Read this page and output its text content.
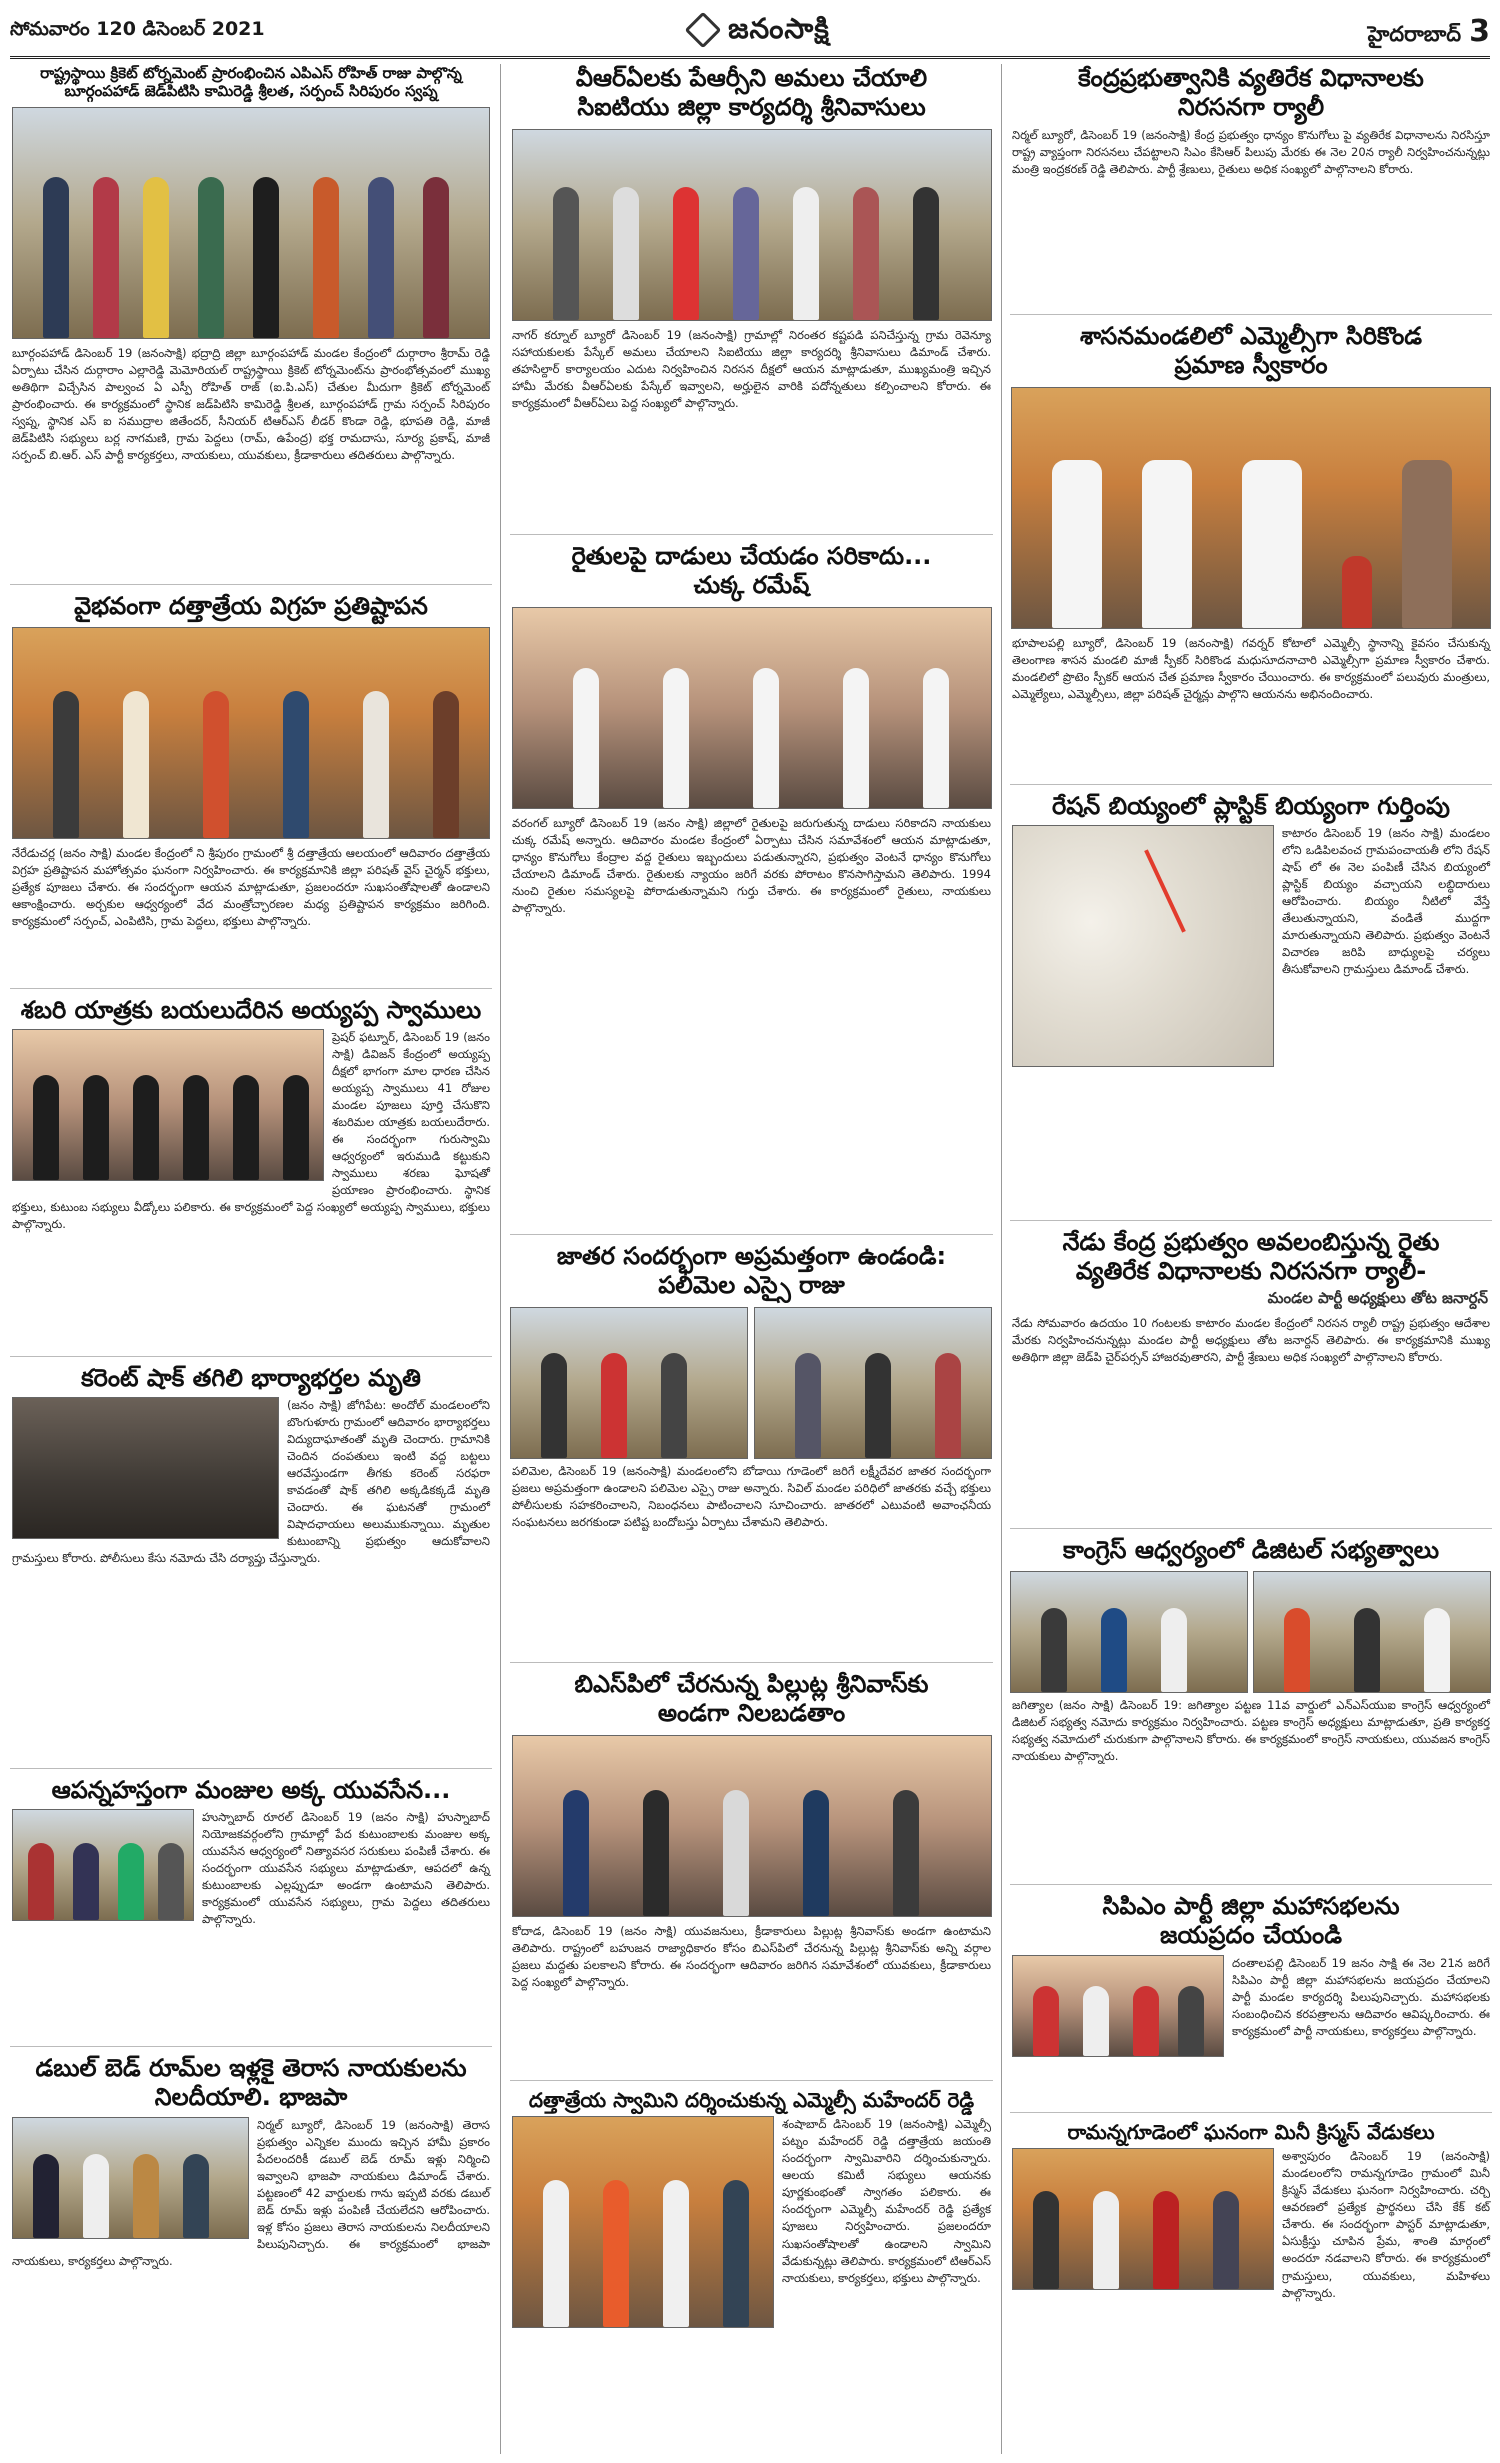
సోమవారం 120 డిసెంబర్ 2021	జనంసాక్షి	హైదరాబాద్ 3

రాష్ట్రస్థాయి క్రికెట్ టోర్నమెంట్ ప్రారంభించిన ఎపిఎస్ రోహిత్ రాజు పాల్గొన్న

బూర్గంపహాడ్ జెడ్‌పిటిసి కామిరెడ్డి శ్రీలత, సర్పంచ్ సిరిపురం స్వప్న

బూర్గంపహాడ్ డిసెంబర్ 19 (జనంసాక్షి) భద్రాద్రి జిల్లా బూర్గంపహాడ్ మండల కేంద్రంలో దుర్గారాం శ్రీరామ్ రెడ్డి ఏర్పాటు చేసిన దుర్గారాం ఎల్లారెడ్డి మెమోరియల్ రాష్ట్రస్థాయి క్రికెట్ టోర్నమెంట్‌ను ప్రారంభోత్సవంలో ముఖ్య అతిథిగా విచ్చేసిన పాల్వంచ ఏ ఎస్పీ రోహిత్ రాజ్ (ఐ.పి.ఎస్) చేతుల మీదుగా క్రికెట్ టోర్నమెంట్ ప్రారంభించారు. ఈ కార్యక్రమంలో స్థానిక జడ్‌పిటిసి కామిరెడ్డి శ్రీలత, బూర్గంపహాడ్ గ్రామ సర్పంచ్ సిరిపురం స్వప్న, స్థానిక ఎస్ ఐ సముద్రాల జితేందర్, సీనియర్ టిఆర్ఎస్ లీడర్ కొండా రెడ్డి, భూపతి రెడ్డి, మాజీ జెడ్‌పిటిసి సభ్యులు బర్ల నాగమణి, గ్రామ పెద్దలు (రామ్, ఉపేంద్ర) భక్త రామదాసు, సూర్య ప్రకాష్, మాజీ సర్పంచ్ బి.ఆర్. ఎస్ పార్టీ కార్యకర్తలు, నాయకులు, యువకులు, క్రీడాకారులు తదితరులు పాల్గొన్నారు.

వైభవంగా దత్తాత్రేయ విగ్రహ ప్రతిష్టాపన

నేరేడుచర్ల (జనం సాక్షి) మండల కేంద్రంలో ని శ్రీపురం గ్రామంలో శ్రీ దత్తాత్రేయ ఆలయంలో ఆదివారం దత్తాత్రేయ విగ్రహ ప్రతిష్టాపన మహోత్సవం ఘనంగా నిర్వహించారు. ఈ కార్యక్రమానికి జిల్లా పరిషత్ వైస్ చైర్మన్ భక్తులు, ప్రత్యేక పూజలు చేశారు. ఈ సందర్భంగా ఆయన మాట్లాడుతూ, ప్రజలందరూ సుఖసంతోషాలతో ఉండాలని ఆకాంక్షించారు. అర్చకుల ఆధ్వర్యంలో వేద మంత్రోచ్ఛారణల మధ్య ప్రతిష్టాపన కార్యక్రమం జరిగింది. కార్యక్రమంలో సర్పంచ్, ఎంపిటిసి, గ్రామ పెద్దలు, భక్తులు పాల్గొన్నారు.

శబరి యాత్రకు బయలుదేరిన అయ్యప్ప స్వాములు

ప్రెషర్ ఫట్నూర్, డిసెంబర్ 19 (జనం సాక్షి) డివిజన్ కేంద్రంలో అయ్యప్ప దీక్షలో భాగంగా మాల ధారణ చేసిన అయ్యప్ప స్వాములు 41 రోజుల మండల పూజలు పూర్తి చేసుకొని శబరిమల యాత్రకు బయలుదేరారు. ఈ సందర్భంగా గురుస్వామి ఆధ్వర్యంలో ఇరుముడి కట్టుకుని స్వాములు శరణు ఘోషతో ప్రయాణం ప్రారంభించారు. స్థానిక భక్తులు, కుటుంబ సభ్యులు వీడ్కోలు పలికారు. ఈ కార్యక్రమంలో పెద్ద సంఖ్యలో అయ్యప్ప స్వాములు, భక్తులు పాల్గొన్నారు.

కరెంట్ షాక్ తగిలి భార్యాభర్తల మృతి

(జనం సాక్షి) జోగిపేట: అందోల్ మండలంలోని బొంగుళూరు గ్రామంలో ఆదివారం భార్యాభర్తలు విద్యుదాఘాతంతో మృతి చెందారు. గ్రామానికి చెందిన దంపతులు ఇంటి వద్ద బట్టలు ఆరవేస్తుండగా తీగకు కరెంట్ సరఫరా కావడంతో షాక్ తగిలి అక్కడికక్కడే మృతి చెందారు. ఈ ఘటనతో గ్రామంలో విషాదఛాయలు అలుముకున్నాయి. మృతుల కుటుంబాన్ని ప్రభుత్వం ఆదుకోవాలని గ్రామస్తులు కోరారు. పోలీసులు కేసు నమోదు చేసి దర్యాప్తు చేస్తున్నారు.

ఆపన్నహస్తంగా మంజుల అక్క యువసేన...

హుస్నాబాద్ రూరల్ డిసెంబర్ 19 (జనం సాక్షి) హుస్నాబాద్ నియోజకవర్గంలోని గ్రామాల్లో పేద కుటుంబాలకు మంజుల అక్క యువసేన ఆధ్వర్యంలో నిత్యావసర సరుకులు పంపిణీ చేశారు. ఈ సందర్భంగా యువసేన సభ్యులు మాట్లాడుతూ, ఆపదలో ఉన్న కుటుంబాలకు ఎల్లప్పుడూ అండగా ఉంటామని తెలిపారు. కార్యక్రమంలో యువసేన సభ్యులు, గ్రామ పెద్దలు తదితరులు పాల్గొన్నారు.

డబుల్ బెడ్ రూమ్‌ల ఇళ్లకై తెరాస నాయకులను నిలదీయాలి. భాజపా

నిర్మల్ బ్యూరో, డిసెంబర్ 19 (జనంసాక్షి) తెరాస ప్రభుత్వం ఎన్నికల ముందు ఇచ్చిన హామీ ప్రకారం పేదలందరికీ డబుల్ బెడ్ రూమ్ ఇళ్లు నిర్మించి ఇవ్వాలని భాజపా నాయకులు డిమాండ్ చేశారు. పట్టణంలో 42 వార్డులకు గాను ఇప్పటి వరకు డబుల్ బెడ్ రూమ్ ఇళ్లు పంపిణీ చేయలేదని ఆరోపించారు. ఇళ్ల కోసం ప్రజలు తెరాస నాయకులను నిలదీయాలని పిలుపునిచ్చారు. ఈ కార్యక్రమంలో భాజపా నాయకులు, కార్యకర్తలు పాల్గొన్నారు.

వీఆర్ఏలకు పేఆర్సీని అమలు చేయాలి

సిఐటియు జిల్లా కార్యదర్శి శ్రీనివాసులు

నాగర్ కర్నూల్ బ్యూరో డిసెంబర్ 19 (జనంసాక్షి) గ్రామాల్లో నిరంతర కష్టపడి పనిచేస్తున్న గ్రామ రెవెన్యూ సహాయకులకు పేస్కేల్ అమలు చేయాలని సిఐటియు జిల్లా కార్యదర్శి శ్రీనివాసులు డిమాండ్ చేశారు. తహసిల్దార్ కార్యాలయం ఎదుట నిర్వహించిన నిరసన దీక్షలో ఆయన మాట్లాడుతూ, ముఖ్యమంత్రి ఇచ్చిన హామీ మేరకు వీఆర్ఏలకు పేస్కేల్ ఇవ్వాలని, అర్హులైన వారికి పదోన్నతులు కల్పించాలని కోరారు. ఈ కార్యక్రమంలో వీఆర్ఏలు పెద్ద సంఖ్యలో పాల్గొన్నారు.

రైతులపై దాడులు చేయడం సరికాదు...

చుక్క రమేష్

వరంగల్ బ్యూరో డిసెంబర్ 19 (జనం సాక్షి) జిల్లాలో రైతులపై జరుగుతున్న దాడులు సరికాదని నాయకులు చుక్క రమేష్ అన్నారు. ఆదివారం మండల కేంద్రంలో ఏర్పాటు చేసిన సమావేశంలో ఆయన మాట్లాడుతూ, ధాన్యం కొనుగోలు కేంద్రాల వద్ద రైతులు ఇబ్బందులు పడుతున్నారని, ప్రభుత్వం వెంటనే ధాన్యం కొనుగోలు చేయాలని డిమాండ్ చేశారు. రైతులకు న్యాయం జరిగే వరకు పోరాటం కొనసాగిస్తామని తెలిపారు. 1994 నుంచి రైతుల సమస్యలపై పోరాడుతున్నామని గుర్తు చేశారు. ఈ కార్యక్రమంలో రైతులు, నాయకులు పాల్గొన్నారు.

జాతర సందర్భంగా అప్రమత్తంగా ఉండండి:

పలిమెల ఎస్సై రాజు

పలిమెల, డిసెంబర్ 19 (జనంసాక్షి) మండలంలోని బోడాయి గూడెంలో జరిగే లక్ష్మీదేవర జాతర సందర్భంగా ప్రజలు అప్రమత్తంగా ఉండాలని పలిమెల ఎస్సై రాజు అన్నారు. సివిల్ మండల పరిధిలో జాతరకు వచ్చే భక్తులు పోలీసులకు సహకరించాలని, నిబంధనలు పాటించాలని సూచించారు. జాతరలో ఎటువంటి అవాంఛనీయ సంఘటనలు జరగకుండా పటిష్ట బందోబస్తు ఏర్పాటు చేశామని తెలిపారు.

బిఎస్‌పిలో చేరనున్న పిల్లుట్ల శ్రీనివాస్‌కు

అండగా నిలబడతాం

కోదాడ, డిసెంబర్ 19 (జనం సాక్షి) యువజనులు, క్రీడాకారులు పిల్లుట్ల శ్రీనివాస్‌కు అండగా ఉంటామని తెలిపారు. రాష్ట్రంలో బహుజన రాజ్యాధికారం కోసం బిఎస్‌పిలో చేరనున్న పిల్లుట్ల శ్రీనివాస్‌కు అన్ని వర్గాల ప్రజలు మద్దతు పలకాలని కోరారు. ఈ సందర్భంగా ఆదివారం జరిగిన సమావేశంలో యువకులు, క్రీడాకారులు పెద్ద సంఖ్యలో పాల్గొన్నారు.

దత్తాత్రేయ స్వామిని దర్శించుకున్న ఎమ్మెల్సీ మహేందర్ రెడ్డి

శంషాబాద్ డిసెంబర్ 19 (జనంసాక్షి) ఎమ్మెల్సీ పట్నం మహేందర్ రెడ్డి దత్తాత్రేయ జయంతి సందర్భంగా స్వామివారిని దర్శించుకున్నారు. ఆలయ కమిటీ సభ్యులు ఆయనకు పూర్ణకుంభంతో స్వాగతం పలికారు. ఈ సందర్భంగా ఎమ్మెల్సీ మహేందర్ రెడ్డి ప్రత్యేక పూజలు నిర్వహించారు. ప్రజలందరూ సుఖసంతోషాలతో ఉండాలని స్వామిని వేడుకున్నట్లు తెలిపారు. కార్యక్రమంలో టిఆర్ఎస్ నాయకులు, కార్యకర్తలు, భక్తులు పాల్గొన్నారు.

కేంద్రప్రభుత్వానికి వ్యతిరేక విధానాలకు

నిరసనగా ర్యాలీ

నిర్మల్ బ్యూరో, డిసెంబర్ 19 (జనంసాక్షి) కేంద్ర ప్రభుత్వం ధాన్యం కొనుగోలు పై వ్యతిరేక విధానాలను నిరసిస్తూ రాష్ట్ర వ్యాప్తంగా నిరసనలు చేపట్టాలని సిఎం కేసిఆర్ పిలుపు మేరకు ఈ నెల 20న ర్యాలీ నిర్వహించనున్నట్లు మంత్రి ఇంద్రకరణ్ రెడ్డి తెలిపారు. పార్టీ శ్రేణులు, రైతులు అధిక సంఖ్యలో పాల్గొనాలని కోరారు.

శాసనమండలిలో ఎమ్మెల్సీగా సిరికొండ

ప్రమాణ స్వీకారం

భూపాలపల్లి బ్యూరో, డిసెంబర్ 19 (జనంసాక్షి) గవర్నర్ కోటాలో ఎమ్మెల్సీ స్థానాన్ని కైవసం చేసుకున్న తెలంగాణ శాసన మండలి మాజీ స్పీకర్ సిరికొండ మధుసూదనాచారి ఎమ్మెల్సీగా ప్రమాణ స్వీకారం చేశారు. మండలిలో ప్రొటెం స్పీకర్ ఆయన చేత ప్రమాణ స్వీకారం చేయించారు. ఈ కార్యక్రమంలో పలువురు మంత్రులు, ఎమ్మెల్యేలు, ఎమ్మెల్సీలు, జిల్లా పరిషత్ చైర్మన్లు పాల్గొని ఆయనను అభినందించారు.

రేషన్ బియ్యంలో ప్లాస్టిక్ బియ్యంగా గుర్తింపు

కాటారం డిసెంబర్ 19 (జనం సాక్షి) మండలం లోని ఒడిపిలవంచ గ్రామపంచాయతీ లోని రేషన్ షాప్ లో ఈ నెల పంపిణీ చేసిన బియ్యంలో ప్లాస్టిక్ బియ్యం వచ్చాయని లబ్ధిదారులు ఆరోపించారు. బియ్యం నీటిలో వేస్తే తేలుతున్నాయని, వండితే ముద్దగా మారుతున్నాయని తెలిపారు. ప్రభుత్వం వెంటనే విచారణ జరిపి బాధ్యులపై చర్యలు తీసుకోవాలని గ్రామస్తులు డిమాండ్ చేశారు.

నేడు కేంద్ర ప్రభుత్వం అవలంబిస్తున్న రైతు

వ్యతిరేక విధానాలకు నిరసనగా ర్యాలీ-

మండల పార్టీ అధ్యక్షులు తోట జనార్దన్

నేడు సోమవారం ఉదయం 10 గంటలకు కాటారం మండల కేంద్రంలో నిరసన ర్యాలీ రాష్ట్ర ప్రభుత్వం ఆదేశాల మేరకు నిర్వహించనున్నట్లు మండల పార్టీ అధ్యక్షులు తోట జనార్దన్ తెలిపారు. ఈ కార్యక్రమానికి ముఖ్య అతిథిగా జిల్లా జెడ్‌పి చైర్‌పర్సన్ హాజరవుతారని, పార్టీ శ్రేణులు అధిక సంఖ్యలో పాల్గొనాలని కోరారు.

కాంగ్రెస్ ఆధ్వర్యంలో డిజిటల్ సభ్యత్వాలు

జగిత్యాల (జనం సాక్షి) డిసెంబర్ 19: జగిత్యాల పట్టణ 11వ వార్డులో ఎన్‌ఎస్‌యుఐ కాంగ్రెస్ ఆధ్వర్యంలో డిజిటల్ సభ్యత్వ నమోదు కార్యక్రమం నిర్వహించారు. పట్టణ కాంగ్రెస్ అధ్యక్షులు మాట్లాడుతూ, ప్రతి కార్యకర్త సభ్యత్వ నమోదులో చురుకుగా పాల్గొనాలని కోరారు. ఈ కార్యక్రమంలో కాంగ్రెస్ నాయకులు, యువజన కాంగ్రెస్ నాయకులు పాల్గొన్నారు.

సిపిఎం పార్టీ జిల్లా మహాసభలను

జయప్రదం చేయండి

దంతాలపల్లి డిసెంబర్ 19 జనం సాక్షి ఈ నెల 21న జరిగే సిపిఎం పార్టీ జిల్లా మహాసభలను జయప్రదం చేయాలని పార్టీ మండల కార్యదర్శి పిలుపునిచ్చారు. మహాసభలకు సంబంధించిన కరపత్రాలను ఆదివారం ఆవిష్కరించారు. ఈ కార్యక్రమంలో పార్టీ నాయకులు, కార్యకర్తలు పాల్గొన్నారు.

రామన్నగూడెంలో ఘనంగా మినీ క్రిస్మస్ వేడుకలు

అశ్వాపురం డిసెంబర్ 19 (జనంసాక్షి) మండలంలోని రామన్నగూడెం గ్రామంలో మినీ క్రిస్మస్ వేడుకలు ఘనంగా నిర్వహించారు. చర్చి ఆవరణలో ప్రత్యేక ప్రార్థనలు చేసి కేక్ కట్ చేశారు. ఈ సందర్భంగా పాస్టర్ మాట్లాడుతూ, ఏసుక్రీస్తు చూపిన ప్రేమ, శాంతి మార్గంలో అందరూ నడవాలని కోరారు. ఈ కార్యక్రమంలో గ్రామస్తులు, యువకులు, మహిళలు పాల్గొన్నారు.
